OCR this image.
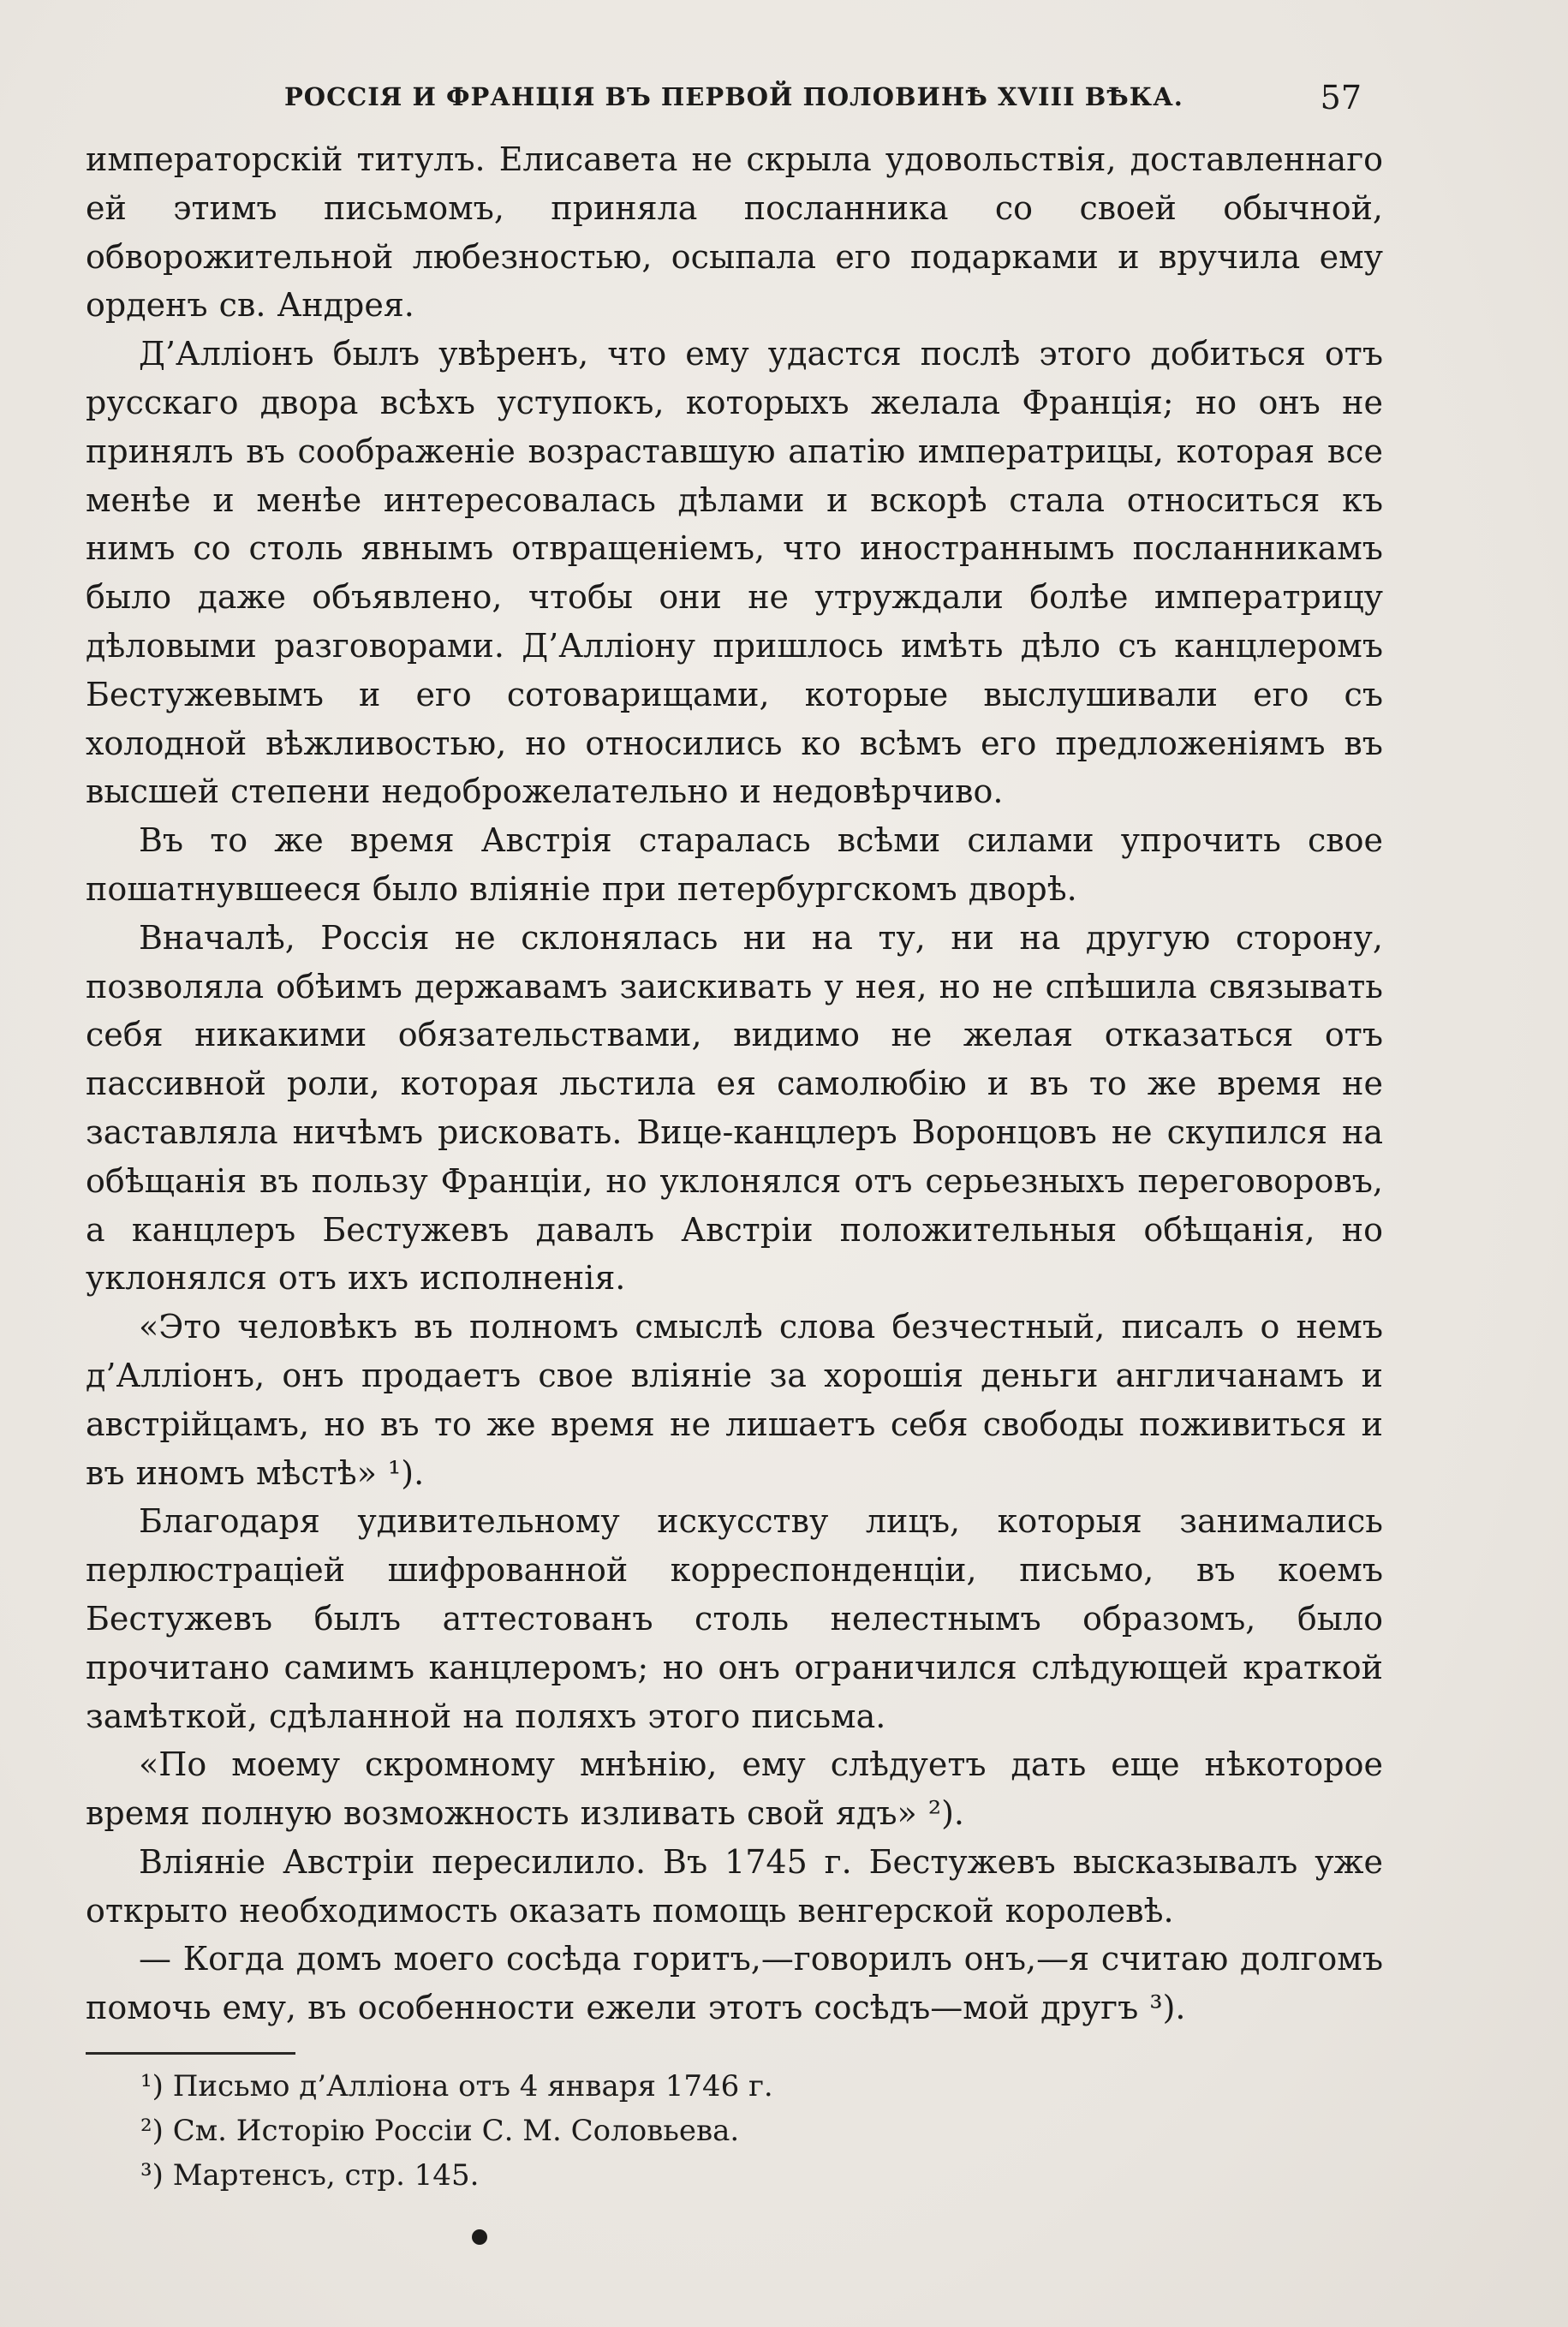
РОССІЯ И ФРАНЦІЯ ВЪ ПЕРВОЙ ПОЛОВИНѢ XVIII ВѢКА.	57

императорскій титулъ. Елисавета не скрыла удовольствія, доставленнаго ей этимъ письмомъ, приняла посланника со своей обычной, обворожительной любезностью, осыпала его подарками и вручила ему орденъ св. Андрея.

Д’Алліонъ былъ увѣренъ, что ему удастся послѣ этого добиться отъ русскаго двора всѣхъ уступокъ, которыхъ желала Франція; но онъ не принялъ въ соображеніе возраставшую апатію императрицы, которая все менѣе и менѣе интересовалась дѣлами и вскорѣ стала относиться къ нимъ со столь явнымъ отвращеніемъ, что иностраннымъ посланникамъ было даже объявлено, чтобы они не утруждали болѣе императрицу дѣловыми разговорами. Д’Алліону пришлось имѣть дѣло съ канцлеромъ Бестужевымъ и его сотоварищами, которые выслушивали его съ холодной вѣжливостью, но относились ко всѣмъ его предложеніямъ въ высшей степени недоброжелательно и недовѣрчиво.

Въ то же время Австрія старалась всѣми силами упрочить свое пошатнувшееся было вліяніе при петербургскомъ дворѣ.

Вначалѣ, Россія не склонялась ни на ту, ни на другую сторону, позволяла обѣимъ державамъ заискивать у нея, но не спѣшила связывать себя никакими обязательствами, видимо не желая отказаться отъ пассивной роли, которая льстила ея самолюбію и въ то же время не заставляла ничѣмъ рисковать. Вице-канцлеръ Воронцовъ не скупился на обѣщанія въ пользу Франціи, но уклонялся отъ серьезныхъ переговоровъ, а канцлеръ Бестужевъ давалъ Австріи положительныя обѣщанія, но уклонялся отъ ихъ исполненія.

«Это человѣкъ въ полномъ смыслѣ слова безчестный, писалъ о немъ д’Алліонъ, онъ продаетъ свое вліяніе за хорошія деньги англичанамъ и австрійцамъ, но въ то же время не лишаетъ себя свободы поживиться и въ иномъ мѣстѣ» ¹).

Благодаря удивительному искусству лицъ, которыя занимались перлюстраціей шифрованной корреспонденціи, письмо, въ коемъ Бестужевъ былъ аттестованъ столь нелестнымъ образомъ, было прочитано самимъ канцлеромъ; но онъ ограничился слѣдующей краткой замѣткой, сдѣланной на поляхъ этого письма.

«По моему скромному мнѣнію, ему слѣдуетъ дать еще нѣкоторое время полную возможность изливать свой ядъ» ²).

Вліяніе Австріи пересилило. Въ 1745 г. Бестужевъ высказывалъ уже открыто необходимость оказать помощь венгерской королевѣ.

— Когда домъ моего сосѣда горитъ,—говорилъ онъ,—я считаю долгомъ помочь ему, въ особенности ежели этотъ сосѣдъ—мой другъ ³).

¹) Письмо д’Алліона отъ 4 января 1746 г.
²) См. Исторію Россіи С. М. Соловьева.
³) Мартенсъ, стр. 145.
